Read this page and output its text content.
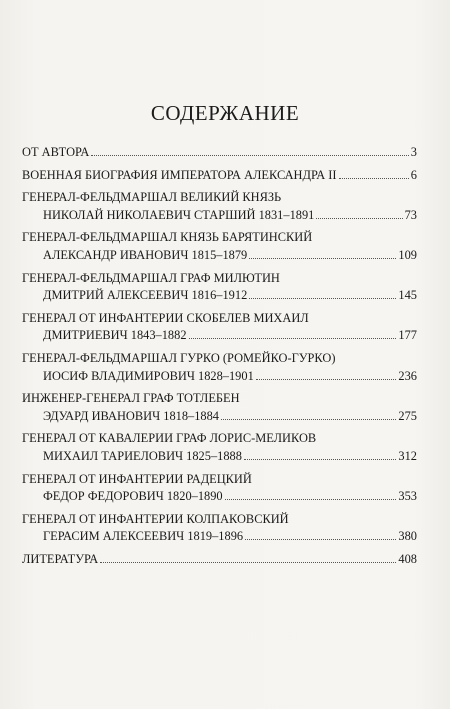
СОДЕРЖАНИЕ
ОТ АВТОРА	3
ВОЕННАЯ БИОГРАФИЯ ИМПЕРАТОРА АЛЕКСАНДРА II	6
ГЕНЕРАЛ-ФЕЛЬДМАРШАЛ ВЕЛИКИЙ КНЯЗЬ
НИКОЛАЙ НИКОЛАЕВИЧ СТАРШИЙ 1831–1891	73
ГЕНЕРАЛ-ФЕЛЬДМАРШАЛ КНЯЗЬ БАРЯТИНСКИЙ
АЛЕКСАНДР ИВАНОВИЧ 1815–1879	109
ГЕНЕРАЛ-ФЕЛЬДМАРШАЛ ГРАФ МИЛЮТИН
ДМИТРИЙ АЛЕКСЕЕВИЧ 1816–1912	145
ГЕНЕРАЛ ОТ ИНФАНТЕРИИ СКОБЕЛЕВ МИХАИЛ
ДМИТРИЕВИЧ 1843–1882	177
ГЕНЕРАЛ-ФЕЛЬДМАРШАЛ ГУРКО (РОМЕЙКО-ГУРКО)
ИОСИФ ВЛАДИМИРОВИЧ 1828–1901	236
ИНЖЕНЕР-ГЕНЕРАЛ ГРАФ ТОТЛЕБЕН
ЭДУАРД ИВАНОВИЧ 1818–1884	275
ГЕНЕРАЛ ОТ КАВАЛЕРИИ ГРАФ ЛОРИС-МЕЛИКОВ
МИХАИЛ ТАРИЕЛОВИЧ 1825–1888	312
ГЕНЕРАЛ ОТ ИНФАНТЕРИИ РАДЕЦКИЙ
ФЕДОР ФЕДОРОВИЧ 1820–1890	353
ГЕНЕРАЛ ОТ ИНФАНТЕРИИ КОЛПАКОВСКИЙ
ГЕРАСИМ АЛЕКСЕЕВИЧ 1819–1896	380
ЛИТЕРАТУРА	408
